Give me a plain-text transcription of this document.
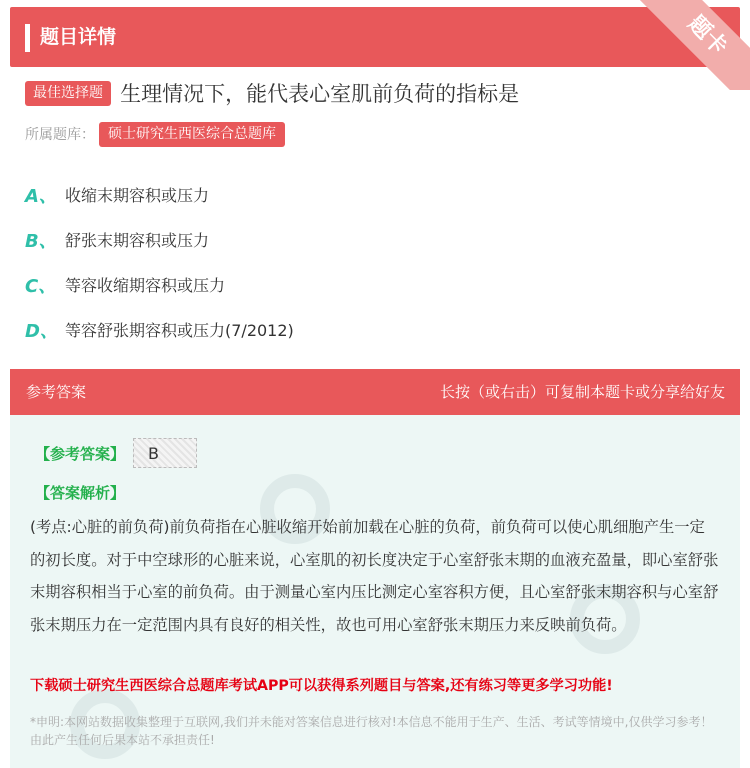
题目详情	题卡
最佳选择题 生理情况下，能代表心室肌前负荷的指标是
所属题库： 硕士研究生西医综合总题库
A、 收缩末期容积或压力
B、 舒张末期容积或压力
C、 等容收缩期容积或压力
D、 等容舒张期容积或压力(7/2012)
参考答案	长按（或右击）可复制本题卡或分享给好友
【参考答案】	B
【答案解析】
(考点:心脏的前负荷)前负荷指在心脏收缩开始前加载在心脏的负荷，前负荷可以使心肌细胞产生一定的初长度。对于中空球形的心脏来说，心室肌的初长度决定于心室舒张末期的血液充盈量，即心室舒张末期容积相当于心室的前负荷。由于测量心室内压比测定心室容积方便，且心室舒张末期容积与心室舒张末期压力在一定范围内具有良好的相关性，故也可用心室舒张末期压力来反映前负荷。
下载硕士研究生西医综合总题库考试APP可以获得系列题目与答案,还有练习等更多学习功能!
*申明:本网站数据收集整理于互联网,我们并未能对答案信息进行核对!本信息不能用于生产、生活、考试等情境中,仅供学习参考！由此产生任何后果本站不承担责任!
